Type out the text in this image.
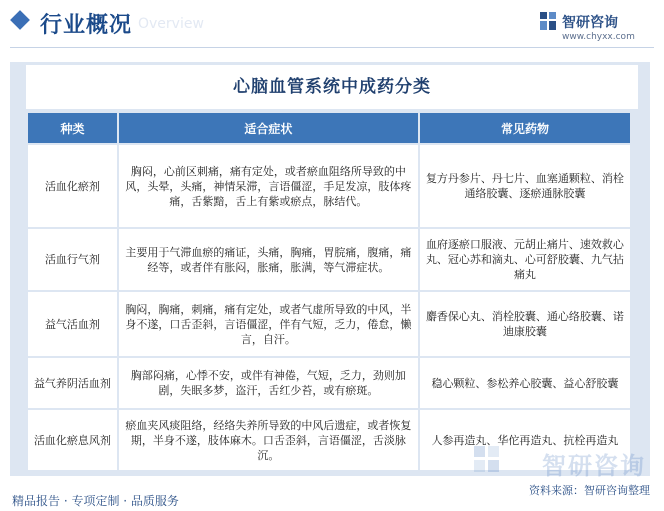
行业概况 Overview	智研咨询
www.chyxx.com
心脑血管系统中成药分类
种类	适合症状	常见药物
活血化瘀剂	胸闷，心前区刺痛，痛有定处，或者瘀血阻络所导致的中风，头晕，头痛，神情呆滞，言语僵涩，手足发凉，肢体疼痛，舌紫黯，舌上有紫或瘀点，脉结代。	复方丹参片、丹七片、血塞通颗粒、消栓通络胶囊、逐瘀通脉胶囊
活血行气剂	主要用于气滞血瘀的痛证，头痛，胸痛，胃脘痛，腹痛，痛经等，或者伴有胀闷，胀痛，胀满，等气滞症状。	血府逐瘀口服液、元胡止痛片、速效救心丸、冠心苏和滴丸、心可舒胶囊、九气拈痛丸
益气活血剂	胸闷，胸痛，刺痛，痛有定处，或者气虚所导致的中风，半身不遂，口舌歪斜，言语僵涩，伴有气短，乏力，倦怠，懒言，自汗。	麝香保心丸、消栓胶囊、通心络胶囊、诺迪康胶囊
益气养阴活血剂	胸部闷痛，心悸不安，或伴有神倦，气短，乏力，劲则加剧，失眠多梦，盗汗，舌红少苔，或有瘀斑。	稳心颗粒、参松养心胶囊、益心舒胶囊
活血化瘀息风剂	瘀血夹风痰阻络，经络失养所导致的中风后遗症，或者恢复期，半身不遂，肢体麻木。口舌歪斜，言语僵涩，舌淡脉沉。	人参再造丸、华佗再造丸、抗栓再造丸
智研咨询
精品报告 · 专项定制 · 品质服务
资料来源：智研咨询整理
